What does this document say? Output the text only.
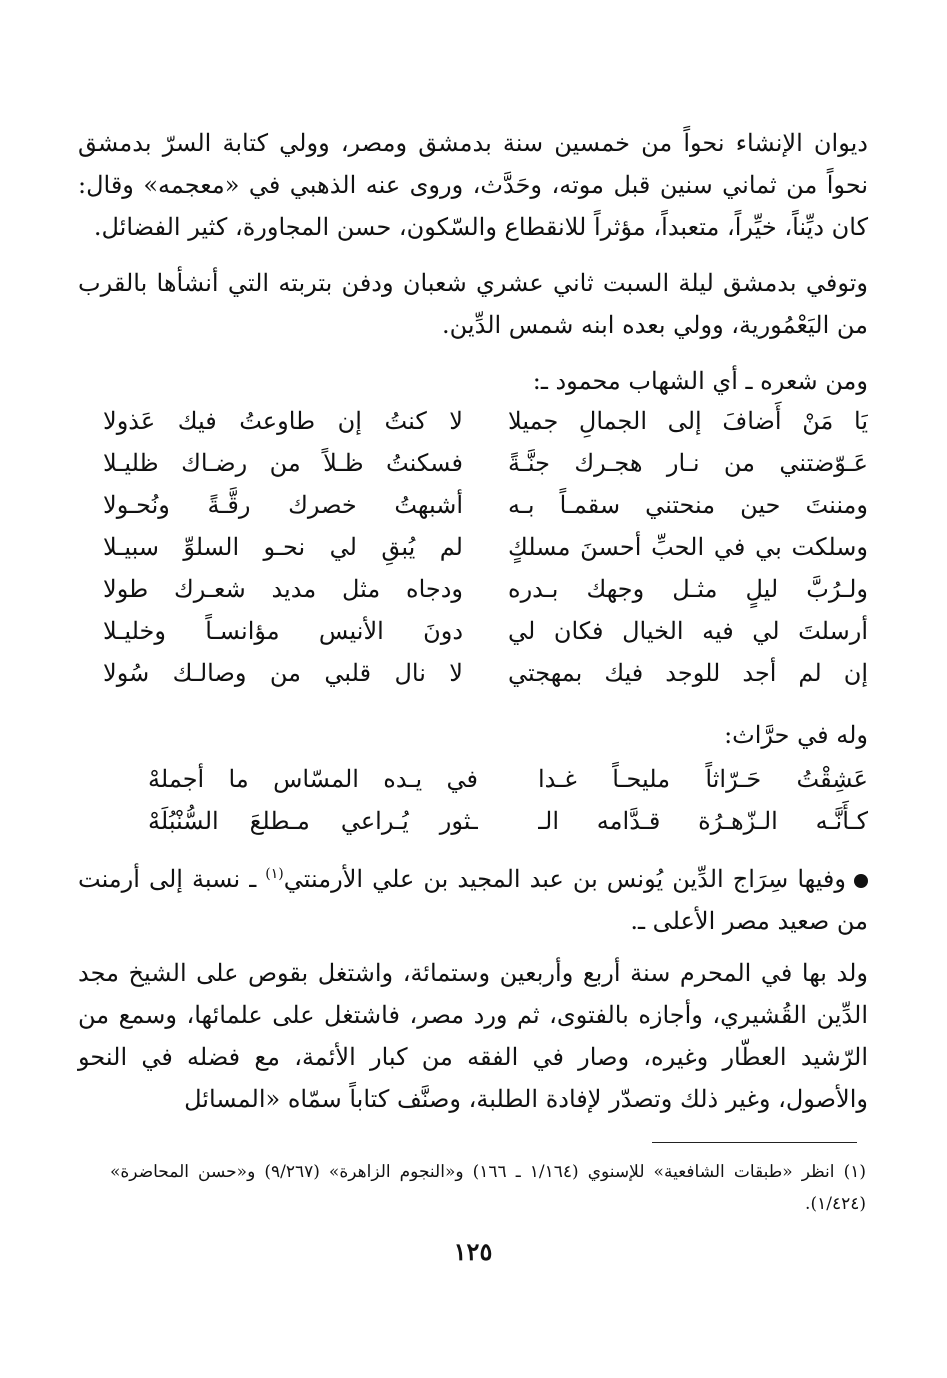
ديوان الإنشاء نحواً من خمسين سنة بدمشق ومصر، وولي كتابة السرّ بدمشق نحواً من ثماني سنين قبل موته، وحَدَّث، وروى عنه الذهبي في «معجمه» وقال: كان ديِّناً، خيِّراً، متعبداً، مؤثراً للانقطاع والسّكون، حسن المجاورة، كثير الفضائل.
وتوفي بدمشق ليلة السبت ثاني عشري شعبان ودفن بتربته التي أنشأها بالقرب من اليَعْمُورية، وولي بعده ابنه شمس الدِّين.
ومن شعره ـ أي الشهاب محمود ـ:
يَا مَنْ أَضافَ إلى الجمالِ جميلا
لا كنتُ إن طاوعتُ فيك عَذولا
عَـوّضتني من نـار هجـرك جنَّـةً
فسكنتُ ظـلاً من رضـاك ظليـلا
ومننتَ حين منحتني سقمـاً بـه
أشبهتُ خصرك رقَّـةً ونُحـولا
وسلكت بي في الحبِّ أحسنَ مسلكٍ
لم يُبقِ لي نحـو السلوِّ سبيـلا
ولـرُبَّ ليلٍ مثـل وجهك بـدره
ودجاه مثل مديد شعـرك طولا
أرسلتَ لي فيه الخيال فكان لي
دونَ الأنيس مؤانسـاً وخليـلا
إن لم أجد للوجد فيك بمهجتي
لا نال قلبي من وصالـك سُولا
وله في حرَّاث:
عَشِقْتُ حَـرّاثاً مليحـاً غـدا
في يـده المسّاس ما أجملهْ
كـأَنَّـه الـزّهـرُة قـدَّامه الـ
ـثور يُـراعي مـطلعَ السُّنْبُلَهْ
وفيها سِرَاج الدِّين يُونس بن عبد المجيد بن علي الأرمنتي$^{(١)}$ ـ نسبة إلى أرمنت من صعيد مصر الأعلى ـ.
ولد بها في المحرم سنة أربع وأربعين وستمائة، واشتغل بقوص على الشيخ مجد الدِّين القُشيري، وأجازه بالفتوى، ثم ورد مصر، فاشتغل على علمائها، وسمع من الرّشيد العطّار وغيره، وصار في الفقه من كبار الأئمة، مع فضله في النحو والأصول، وغير ذلك وتصدّر لإفادة الطلبة، وصنَّف كتاباً سمّاه «المسائل
(١) انظر «طبقات الشافعية» للإسنوي (١/١٦٤ ـ ١٦٦) و«النجوم الزاهرة» (٩/٢٦٧) و«حسن المحاضرة» (١/٤٢٤).
١٢٥
